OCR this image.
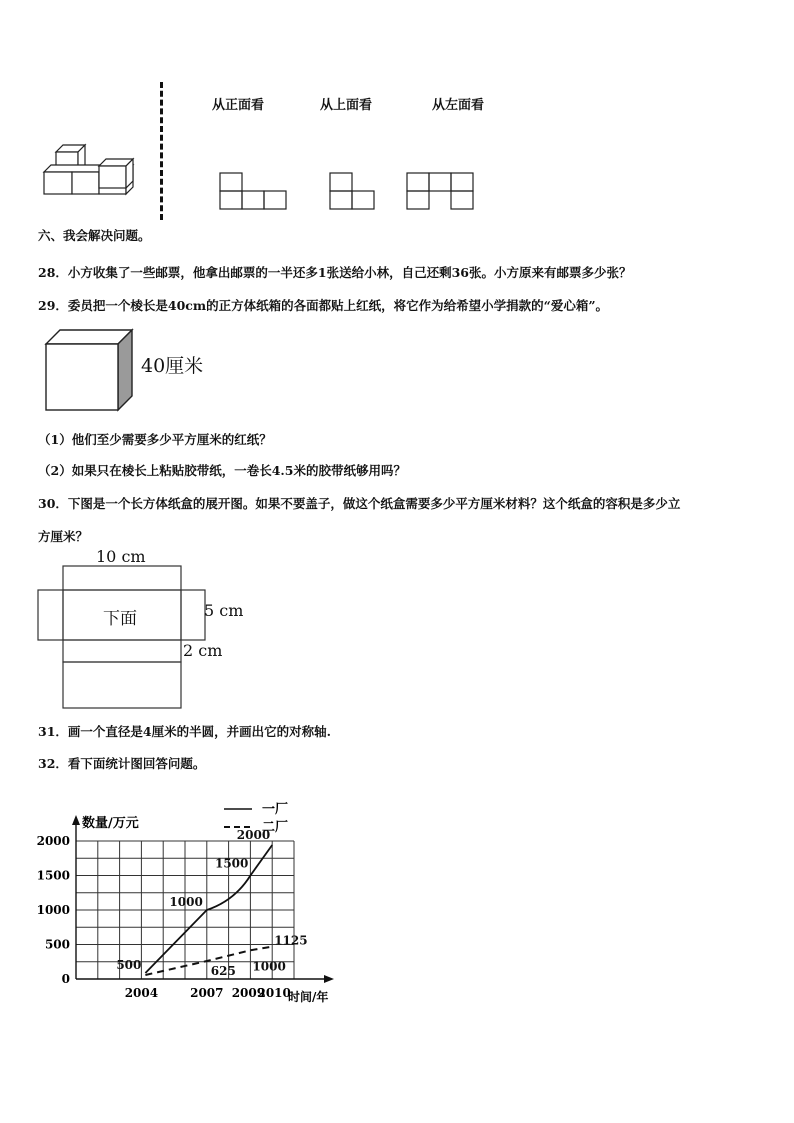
从正面看	从上面看	从左面看
六、我会解决问题。
28．小方收集了一些邮票，他拿出邮票的一半还多1张送给小林，自己还剩36张。小方原来有邮票多少张？
29．委员把一个棱长是40cm的正方体纸箱的各面都贴上红纸，将它作为给希望小学捐款的“爱心箱”。
40厘米
（1）他们至少需要多少平方厘米的红纸？
（2）如果只在棱长上粘贴胶带纸，一卷长4.5米的胶带纸够用吗？
30．下图是一个长方体纸盒的展开图。如果不要盖子，做这个纸盒需要多少平方厘米材料？这个纸盒的容积是多少立
方厘米？
10 cm
下面	5 cm
2 cm
31．画一个直径是4厘米的半圆，并画出它的对称轴.
32．看下面统计图回答问题。
一厂
二厂
数量/万元
时间/年
0
500
1000
1500
2000
2004	2007 2009
2010
500
1000
1500
2000
625 1000
1125
